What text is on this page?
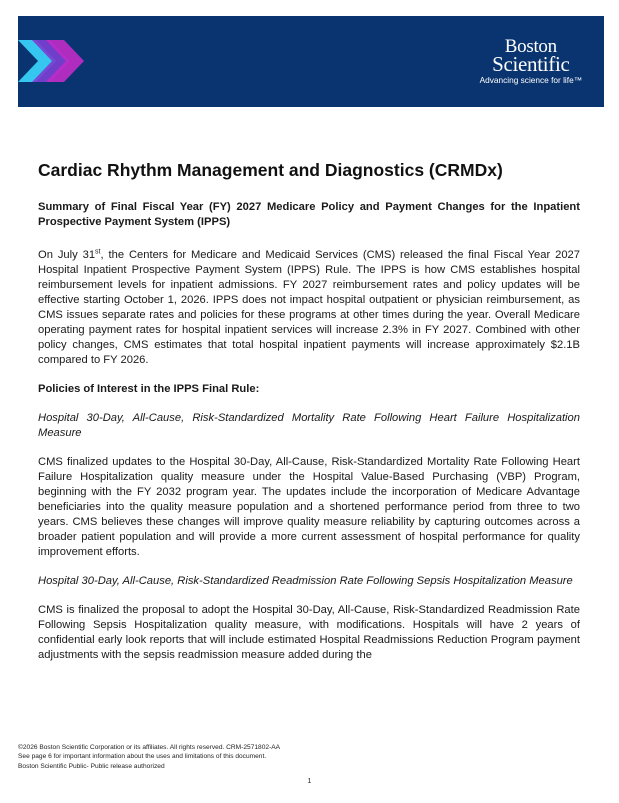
Boston
Scientific
Advancing science for life™
Cardiac Rhythm Management and Diagnostics (CRMDx)

Summary of Final Fiscal Year (FY) 2027 Medicare Policy and Payment Changes for the Inpatient Prospective Payment System (IPPS)

On July 31st, the Centers for Medicare and Medicaid Services (CMS) released the final Fiscal Year 2027 Hospital Inpatient Prospective Payment System (IPPS) Rule. The IPPS is how CMS establishes hospital reimbursement levels for inpatient admissions. FY 2027 reimbursement rates and policy updates will be effective starting October 1, 2026. IPPS does not impact hospital outpatient or physician reimbursement, as CMS issues separate rates and policies for these programs at other times during the year. Overall Medicare operating payment rates for hospital inpatient services will increase 2.3% in FY 2027. Combined with other policy changes, CMS estimates that total hospital inpatient payments will increase approximately $2.1B compared to FY 2026.

Policies of Interest in the IPPS Final Rule:

Hospital 30-Day, All-Cause, Risk-Standardized Mortality Rate Following Heart Failure Hospitalization Measure

CMS finalized updates to the Hospital 30-Day, All-Cause, Risk-Standardized Mortality Rate Following Heart Failure Hospitalization quality measure under the Hospital Value-Based Purchasing (VBP) Program, beginning with the FY 2032 program year. The updates include the incorporation of Medicare Advantage beneficiaries into the quality measure population and a shortened performance period from three to two years. CMS believes these changes will improve quality measure reliability by capturing outcomes across a broader patient population and will provide a more current assessment of hospital performance for quality improvement efforts.

Hospital 30-Day, All-Cause, Risk-Standardized Readmission Rate Following Sepsis Hospitalization Measure

CMS is finalized the proposal to adopt the Hospital 30-Day, All-Cause, Risk-Standardized Readmission Rate Following Sepsis Hospitalization quality measure, with modifications. Hospitals will have 2 years of confidential early look reports that will include estimated Hospital Readmissions Reduction Program payment adjustments with the sepsis readmission measure added during the

©2026 Boston Scientific Corporation or its affiliates. All rights reserved. CRM-2571802-AA
See page 6 for important information about the uses and limitations of this document.
Boston Scientific Public- Public release authorized
1
